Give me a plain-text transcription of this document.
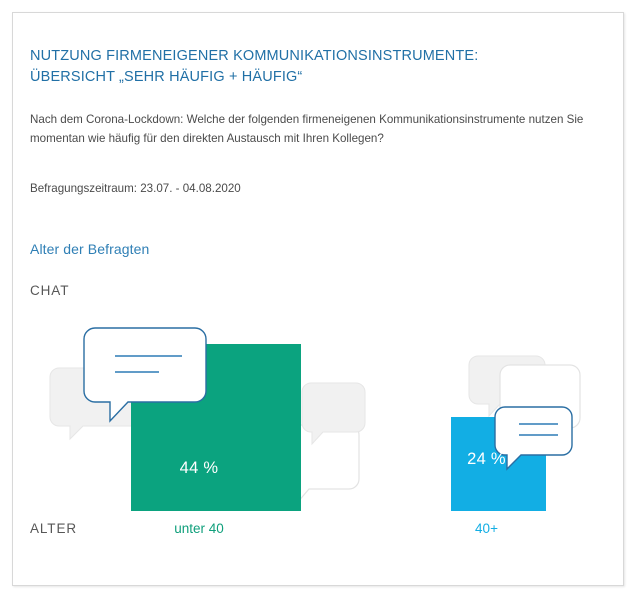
NUTZUNG FIRMENEIGENER KOMMUNIKATIONSINSTRUMENTE:
ÜBERSICHT „SEHR HÄUFIG + HÄUFIG“
Nach dem Corona-Lockdown: Welche der folgenden firmeneigenen Kommunikationsinstrumente nutzen Sie momentan wie häufig für den direkten Austausch mit Ihren Kollegen?
Befragungszeitraum: 23.07. - 04.08.2020
Alter der Befragten
CHAT
44 %	24 %
ALTER	unter 40	40+
